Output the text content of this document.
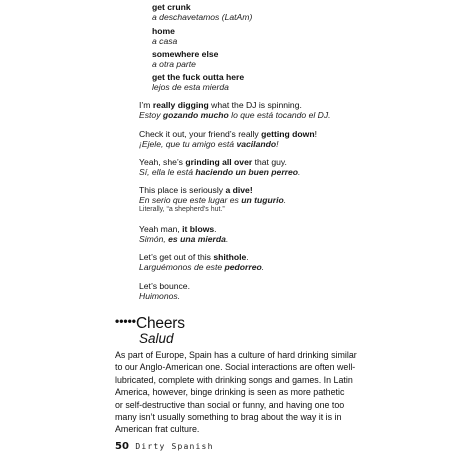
get crunk
a deschavetamos (LatAm)
home
a casa
somewhere else
a otra parte
get the fuck outta here
lejos de esta mierda
I’m really digging what the DJ is spinning.
Estoy gozando mucho lo que está tocando el DJ.
Check it out, your friend’s really getting down!
¡Ejele, que tu amigo está vacilando!
Yeah, she’s grinding all over that guy.
Sí, ella le está haciendo un buen perreo.
This place is seriously a dive!
En serio que este lugar es un tugurio.
Literally, “a shepherd’s hut.”
Yeah man, it blows.
Simón, es una mierda.
Let’s get out of this shithole.
Larguémonos de este pedorreo.
Let’s bounce.
Huimonos.
•••••Cheers
Salud
As part of Europe, Spain has a culture of hard drinking similar
to our Anglo-American one. Social interactions are often well-
lubricated, complete with drinking songs and games. In Latin
America, however, binge drinking is seen as more pathetic
or self-destructive than social or funny, and having one too
many isn’t usually something to brag about the way it is in
American frat culture.
50 Dirty Spanish
